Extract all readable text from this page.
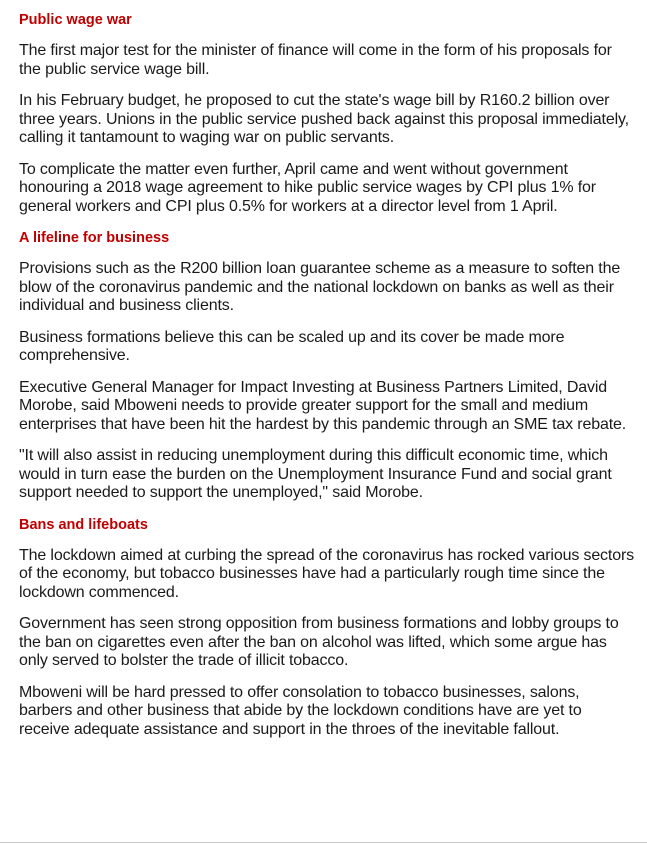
Public wage war

The first major test for the minister of finance will come in the form of his proposals for the public service wage bill.

In his February budget, he proposed to cut the state's wage bill by R160.2 billion over three years. Unions in the public service pushed back against this proposal immediately, calling it tantamount to waging war on public servants.

To complicate the matter even further, April came and went without government honouring a 2018 wage agreement to hike public service wages by CPI plus 1% for general workers and CPI plus 0.5% for workers at a director level from 1 April.

A lifeline for business

Provisions such as the R200 billion loan guarantee scheme as a measure to soften the blow of the coronavirus pandemic and the national lockdown on banks as well as their individual and business clients.

Business formations believe this can be scaled up and its cover be made more comprehensive.

Executive General Manager for Impact Investing at Business Partners Limited, David Morobe, said Mboweni needs to provide greater support for the small and medium enterprises that have been hit the hardest by this pandemic through an SME tax rebate.

"It will also assist in reducing unemployment during this difficult economic time, which would in turn ease the burden on the Unemployment Insurance Fund and social grant support needed to support the unemployed," said Morobe.

Bans and lifeboats

The lockdown aimed at curbing the spread of the coronavirus has rocked various sectors of the economy, but tobacco businesses have had a particularly rough time since the lockdown commenced.

Government has seen strong opposition from business formations and lobby groups to the ban on cigarettes even after the ban on alcohol was lifted, which some argue has only served to bolster the trade of illicit tobacco.

Mboweni will be hard pressed to offer consolation to tobacco businesses, salons, barbers and other business that abide by the lockdown conditions have are yet to receive adequate assistance and support in the throes of the inevitable fallout.
